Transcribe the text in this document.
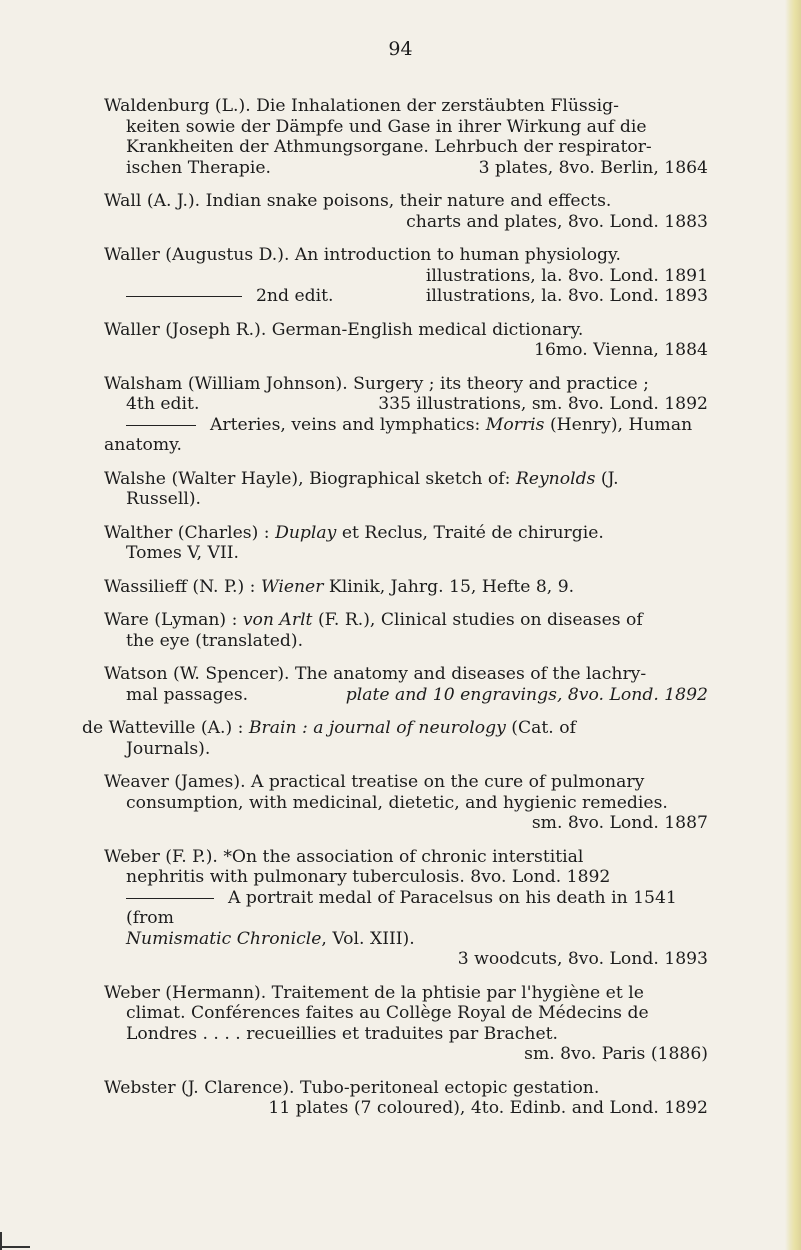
94
Waldenburg (L.). Die Inhalationen der zerstäubten Flüssig-
keiten sowie der Dämpfe und Gase in ihrer Wirkung auf die
Krankheiten der Athmungsorgane. Lehrbuch der respirator-
ischen Therapie.	3 plates, 8vo. Berlin, 1864
Wall (A. J.). Indian snake poisons, their nature and effects.
charts and plates, 8vo. Lond. 1883
Waller (Augustus D.). An introduction to human physiology.
illustrations, la. 8vo. Lond. 1891
2nd edit.	illustrations, la. 8vo. Lond. 1893
Waller (Joseph R.). German-English medical dictionary.
16mo. Vienna, 1884
Walsham (William Johnson). Surgery ; its theory and practice ;
4th edit.	335 illustrations, sm. 8vo. Lond. 1892
Arteries, veins and lymphatics: Morris (Henry), Human
anatomy.
Walshe (Walter Hayle), Biographical sketch of: Reynolds (J.
Russell).
Walther (Charles) : Duplay et Reclus, Traité de chirurgie.
Tomes V, VII.
Wassilieff (N. P.) : Wiener Klinik, Jahrg. 15, Hefte 8, 9.
Ware (Lyman) : von Arlt (F. R.), Clinical studies on diseases of
the eye (translated).
Watson (W. Spencer). The anatomy and diseases of the lachry-
mal passages.	plate and 10 engravings, 8vo. Lond. 1892
de Watteville (A.) : Brain : a journal of neurology (Cat. of
Journals).
Weaver (James). A practical treatise on the cure of pulmonary
consumption, with medicinal, dietetic, and hygienic remedies.
sm. 8vo. Lond. 1887
Weber (F. P.). *On the association of chronic interstitial
nephritis with pulmonary tuberculosis. 8vo. Lond. 1892
A portrait medal of Paracelsus on his death in 1541 (from
Numismatic Chronicle, Vol. XIII).
3 woodcuts, 8vo. Lond. 1893
Weber (Hermann). Traitement de la phtisie par l'hygiène et le
climat. Conférences faites au Collège Royal de Médecins de
Londres . . . . recueillies et traduites par Brachet.
sm. 8vo. Paris (1886)
Webster (J. Clarence). Tubo-peritoneal ectopic gestation.
11 plates (7 coloured), 4to. Edinb. and Lond. 1892
